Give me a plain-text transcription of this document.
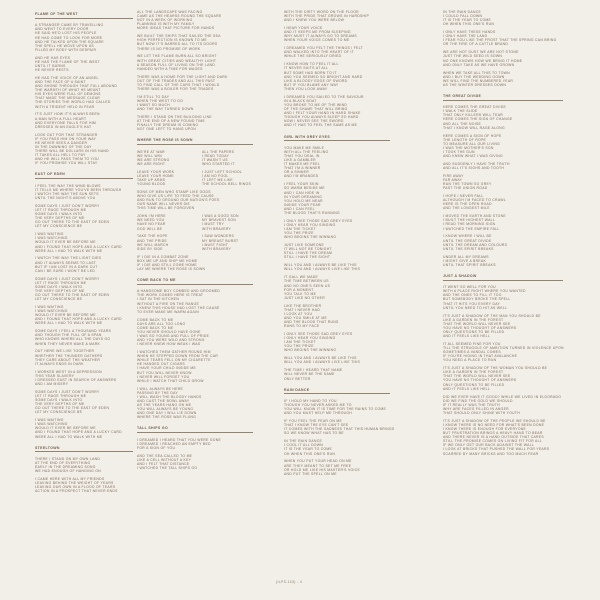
(ILPS.143) - 4
FLAME OF THE WEST
A STRANGER CAME BY TRAVELLING
AND WENT TO EVERY DOOR
HE SAID HE'D LOST HIS PEOPLE
HE HAD COME TO LOOK FOR MORE
AND HE TALKED UPON THE SQUARE
THE SPELL HE WOVE UPON US
FILLED MY BODY WITH DESPAIR
AND HE HAS EYES
HE HAS THE FLAME OF THE WEST
UNTIL IT BURNS
HE NEVER RESTS
HE HAD THE VOICE OF AN ANGEL
AND THE FACE OF A SAINT
AND SHONE THROUGH THAT FULL ABOUND
THE WARMTH OF WHAT HE MEANT
HIS EYES WERE FULL OF DEMONS
THAT MADE THE MESSAGE CLEAR
THE STORIES THE WORLD HAD CALLED
WITH A TRIDENT HELD IN FEAR
IT'S JUST HOW IT'S ALWAYS BEEN
A MAN WITH A FULL HEART
AND EVERYONE FALLS FOR HIM
DRESSED IN AN EAGLE'S HAT
LOOK OUT FOR THAT STRANGER
IF YOU PASS HIM ON YOUR WAY
HE NEVER SEES A DANGER
IN THE DAWNING OF THE DAY
THERE WILL BE DOLLARS IN HIS HAND
IT TAKES ALL HELL TO PAY
AND HE WILL PASS THEM TO YOU
IF YOU PROMISE YOU WILL STAY
EAST OF EDEN
I FEEL THE WAY THE WIND BLOWS
IT TELLS ME WHERE YOU'VE BEEN THROUGH
I WATCH THE WAY THE SUN SETS
UNTIL THE NIGHT'S ABOVE YOU
SOME DAYS I JUST DON'T WORRY
LET IT RAGE THROUGH ME
SOME DAYS I WALK INTO
THE VERY DEPTHS OF ME
GO OUT THERE TO THE EAST OF EDEN
LET MY CONSCIENCE BE
I WAS WAITING
I WAS WATCHING
WOULD IT EVER BE BEFORE ME
AND I FOUND THAT HOPE AND A LUCKY CARD
WERE ALL I HAD TO WALK WITH ME
I WATCH THE WAY THE LIGHT DIES
AND IT ALWAYS SEEMS TO LAST
BUT IF I AM LOST IN A DARK CUT
CAN I BE SURE I WON'T BE LED
SOME DAYS I JUST DON'T WORRY
LET IT RAGE THROUGH ME
SOME DAYS I WALK INTO
THE VERY DEPTHS OF ME
GO OUT THERE TO THE EAST OF EDEN
LET MY CONSCIENCE BE
I WAS WAITING
I WAS WATCHING
WOULD IT EVER BE BEFORE ME
AND I FOUND THAT HOPE AND A LUCKY CARD
WERE ALL I HAD TO WALK WITH ME
SOME DAYS I FEEL A THOUSAND YEARS
AND THOUGH THE FULL OF A SPAN
WHO KNOWS WHERE ALL THE DAYS GO
WHEN THEY NEVER MAKE A MARK
OUT HERE WE LIVE TOGETHER
WHETHER THE THUNDER GATHERS
THEY CARE ABOUT THE WEATHER
IT ALWAYS ENDS IN DARK
I WORKED WEST IN A DEPRESSION
THIS YEAR SLAVERY
I DRESSED EAST IN SEARCH OF ANSWERS
AND I AM MISERY
SOME DAYS I JUST DON'T WORRY
LET IT RAGE THROUGH ME
SOME DAYS I WALK INTO
THE VERY DEPTHS OF ME
GO OUT THERE TO THE EAST OF EDEN
LET MY CONSCIENCE BE
I WAS WAITING
I WAS WATCHING
WOULD IT EVER BE BEFORE ME
AND I FOUND THAT HOPE AND A LUCKY CARD
WERE ALL I HAD TO WALK WITH ME
STEELTOWN
THERE I STAND ON MY OWN LAND
AT THE END OF EVERYTHING
EARLY IN THE DREAMING SONG
WE HAD ENOUGH OF HANGING ON
I CAME HERE WITH ALL MY FRIENDS
LEAVING BEHIND THE WEIGHT OF YEARS
LEAVING OUR OWN IN A FLOOD OF TEARS
ACTION IN A PROSPECT THAT NEVER ENDS
ALL THE LANDSCAPE WAS FACING
CAME AS THE HEARSE ROUND THE SQUARE
NOT IN A WEEK OF WORKING
PLANNING IS WITH MY FAMILY
MORE IDEAS THAT PICTURE FOR HANDS
WE BUILT THE SHIPS THAT SAILED THE SEA
HIGH PERFECTION IS KNOWN TO ME
BUT NOW IT'S BARRED ALL TO ITS DOORS
THERE IS NO PROMISE OF WORK
WE LET THE FLAME BURN ALL SO BRIGHT
WITH GREAT CITIES AND WEALTHY LIGHT
A SEASON FULL OF LIVING ON THE LAND
HANDED WITH A TIME FOR WAGES
THERE WAS A HOME FOR THE LIGHT AND DARK
OUT OF THE TRADES AND ALL THIS PAST
TO FIND CALL OF THE CARS THAT I WOULD
THERE WAS A BOILER FOR THE TRADES
I'M STILL TO DAY
WHEN THE WEST TO GO
I WANT SO MUCH
AND THE WAY TURNED DOWN
THERE I STAND ON THE BUILDING LINE
AT THE END OF A NEW FOUND TIME
FINALLY THE DREAM IS COMING
NOT ONE LEFT TO HANG UPON
WHERE THE ROSE IS SOWN
WE'RE AT WAR
WE WILL WIN
WE ARE STRONG
WE ARE RIGHT
ALL THE PAPERS
I READ TODAY
IT WASN'T US
WHO STARTED IT
LEAVE YOUR WORK
LEAVE YOUR HOME
TAKE UP ARMS
YOUNG BLOOD
I JUST LEFT SCHOOL
I AM NO FOOL
IT LEFT ME LIKE
THE SCHOOL BELL RINGS
SONS OF MEN WHO STAMP LIKE GODS
WHO GIVE US LIFE TO FEED THE CAUSE
AND RUN TO GROUND OUR NATION'S FOES
OUR NAME WILL NEVER DIE
THIS TIME WILL BE FORGIVEN
JOHN I'M HERE
WE NEED YOU
HAVE NO FEAR
GOD WILL BE
I WAS A GOOD SON
MY BRAVEST SON
I MUST TRY
WITH BRAVERY
TAKE THE HOPE
AND THE PRIDE
WE WILL MARCH
SIDE BY SIDE
I SAW WONDERS
MY BREAST BURST
I MUST FIGHT
WITH BRAVERY
IF I DIE IN A COMBAT ZONE
BOX ME UP AND SHIP ME HOME
IF I DIE AND STILL COME HOME
LAY ME WHERE THE ROSE IS SOWN
COME BACK TO ME
A HANDSOME BOY COMBED AND GROOMED
THE WORK COMES HERE IS TREAT
I SAT IN THE KITCHEN
WITHOUT A FIRE ON THE RANGE
I KNEW THIS HOUSE HAD LOST THE CAUSE
TO EVER MAKE ME WARM AGAIN
COME BACK TO ME
DAYS ARE ALL TOO LONG
COME BACK TO ME
YOU NEVER SHOULD HAVE GONE
I WAS SO YOUNG AND FULL OF PRIDE
AND YOU WERE WILD AND STRONG
I NEVER KNEW HOW WEAK I WAS
I WATCHED THEM GATHER ROUND HIM
WHEN HE STEPPED DOWN FROM THE CAR
WHILE TEARS FELL ON MY CIGARETTE
HE HANDED OUT CIGARS
I HAVE YOUR CHILD INSIDE ME
BUT YOU WILL NEVER KNOW
I NEVER WILL FORGET YOU
WHILE I WATCH THAT CHILD GROW
I WILL ALWAYS BE HERE
PASSING BY THE DAY
I WILL WASH THE BLOODY HANDS
AND CAST THE BOWL AWAY
AS THE YEARS HANG ON ME
YOU WILL ALWAYS BE YOUNG
AND ONE DAY I WILL LIE DOWN
WHERE THE ROSE WAS FLUNG
TALL SHIPS GO
I DREAMED I HEARD THAT YOU WERE GONE
I DREAMED I REACHED AN EMPTY BED
FOR A SIGN OF YOU
AND THE SEA CALLED TO ME
LIKE A CELL WITHOUT A KEY
AND I FELT THAT DISTANCE
I WATCHED THE TALL SHIPS GO
WITH THE DIRTY WORD ON THE FLOOR
WITH THE PRIDE THAT GROWS IN HARDSHIP
AND I KNEW YOU WERE BELOW
I HEAR YOUR VOICE
AND IT KEEPS ME FROM SLEEPING
WHY MUST IT ALWAYS GO TO DREAMS
WHEN YOUR VOICE COMES TO ME
I DREAMED YOU FELT THE THINGS I FELT
AND WALKED INTO THE HEART OF IT
WHILE THE SERIOUSLY DRIED
I KNOW HOW TO FEEL IT ALL
IT NEVER SUITS AT ALL
BUT SOME HAD BORN TO IT
AND YOU SEEMED SO BRIGHT AND HARD
LIKE A BLOODY EDGE OF SWORD
BUT IF YOU BLAME ANY WAY
THEN YOU LOOK AWAY
I DREAMED YOU SAILED TO THE SAVIOUR
IN A BLACK BOAT
YOU BROKE TO ME OF THE WIND
OF THE SHAME THAT WILL BRING
AND I FELT YOUR HAND IN HARD SHAKE
THOUGH YOU ALWAYS SLEEP SO HARD
NOW I NEVER SEE THE SWORD
AND IT HAS TO FEEL THE SAME AS ME
GIRL WITH GREY EYES
YOU MAKE ME SMILE
WITH ALL THE FEELING
THAT YOU DEAL IN
LIKE A GAMBLER
IT MAKES ME FEEL
THAT I'M A WINNER
OR A SINNER
AND I'M BRANDED
I FEEL YOUR SKIN
SO WARM BESIDE ME
AND I CAN HIDE IN
IN YOUR DREAMING
YOU HOLD ME NEAR
INSIDE YOUR FEAR
AND I CAN FEEL
THE BLOOD THAT'S RUNNING
I ONLY SEE THOSE SAD GREY EYES
I ONLY HEAR YOU SINGING
I AM THE TICKET
YOU THE PRIZE
WHO BEGINS THE WINNING
JUST LIKE SOMEONE
IT WILL NOT BE TONIGHT
STILL I HAVE THE DREAM
STILL I HAVE THE SIGHT
WILL YOU AND I ALWAYS BE LIKE THIS
WILL YOU AND I ALWAYS LIVE LIKE THIS
IT GALL WE MADE
THE TIME BETWEEN US
AND NO ONE'S SEEN US
FOR A MOMENT
YOU TALK TO ME
JUST LIKE NO OTHER
LIKE THE BROTHER
THAT I NEVER HAD
I LOOK AT YOU
AND YOU SMILE AT ME
AND THE BLOOD THAT RUNS
RUNS TO MY FACE
I ONLY SEE THOSE SAD GREY EYES
I ONLY HEAR YOU SINGING
I AM THE TICKET
YOU THE PRIZE
WHO BEGINS THE WINNING
WILL YOU AND I ALWAYS BE LIKE THIS
WILL YOU AND I ALWAYS LIVE LIKE THIS
THE TIME I HEARD THAT NAME
WILL NEVER BE THE SAME
ONLY BETTER
RAIN DANCE
IF I HOLD MY HAND TO YOU
THOUGH YOU NEVER ASKED ME TO
YOU WILL KNOW IT IS TIME FOR THE RAINS TO COME
AND YOU MUST HELP ME THROUGH
IF YOU FEEL THE FEAR ON ME
THAT I KNOW THE EYE CAN'T SEE
IT COMES WITH THE SADNESS THAT THIS HUMAN BRINGS
SO WE KNOW WHAT HAS TO BE
IN THE RAIN DANCE
I COOL IT ALL DOWN
IT IS THE YEAR TO COME
OH WHEN THIS ONE'S RUN
WHEN YOU PUT YOUR HEAD ON ME
ARE THEY MEANT TO SET ME FREE
OR HOLD ME LIKE HIS MASTER'S VOICE
AND PUT THE SPELL ON ME
IN THE RAIN DANCE
I COULD FALL DOWN
IT IS THE YEAR TO COME
OH WHEN THIS ONE'S RUN
I ONLY HAVE THESE HANDS
I ONLY HAVE THE LAND
I FEAR YOU LIKE THE FROST THAT THE SPRING CAN BRING
OR THE FIRE OF A CATTLE BRAND
WE ARE NOT DUST WE ARE NOT STONE
JUST THE WILD SEED IS SOWN
NO ONE KNOWS HOW WE BRING IT HOME
AND ONLY TAKE AS WE HAVE GROWN
WHEN WE TAKE ALL THIS TO TOWN
AND I BUY THE WEDDING GOWN
WE WILL FIND THE NUMBERED YEAR
AS THE WINTER DRESSES DOWN
THE GREAT DIVIDE
HERE COMES THE GREAT DIVIDE
I WALK THE SLIDE
THAT ONLY KILLERS WILL TEAR
HERE COMES THE SIGN OF CHANGE
AND ALL THE NOISE
THAT I KNOW WILL RAGE ALONG
HERE COMES A SIGN OF HOPE
THE LENGTH OF ROPE
TO MEASURE ALL OUR LIVING
I WAS THE MOTHER'S SON
I TOOK THE GUN
AND KNEW WHAT I WAS GIVING
AND SUDDENLY I HAVE THE TRUTH
AND ALL IT'S SIGHS AND TOOTH
FIRE AWAY
FAR AWAY
RUN THE TOWN SO GREY
PAST THE UNION ROAD
I HOPE I NEVER FALL
ALTHOUGH I'M FACED TO CRAWL
HERE IS THE OPEN ROAD
AND THE LONGEST MILE
I MOVED THE EARTH AND STONE
I BUILT THE HIGHEST WALL
I READ THE MORNING SIGN
I WATCHED THE EMPIRE FALL
I KNOW WHERE I WILL BE
UNTIL THE GREAT DIVIDE
UNTIL THE DREAM AND COLOURS
UNTIL THE SPIRIT BREAKS
UNDER ALL MY DREAMS
I MIGHT GIVE A BREAK
UNTIL THAT SPIRIT BREAKS
JUST A SHADOW
IT WENT SO WELL FOR YOU
WITH A PLACE RIGHT WHERE YOU WANTED
AND THE ONES TO FILL IT TOO
BUT SOMEBODY BROKE THE SPELL
THAT IT HITS YOU EVERY DAY
UNTIL YOU NEED TO HIT AS WELL
IT'S JUST A SHADOW OF THE MAN YOU SHOULD BE
LIKE A GARDEN IN THE FOREST
THAT THE WORLD WILL NEVER SEE
YOU HAVE NO THOUGHT OF ANSWERS
ONLY QUESTIONS TO BE FILLED
AND IT FEELS LIKE HELL
IT ALL SEEMED FINE FOR YOU
TILL THE STRUGGLE OF AMBITION TURNED IN VIOLENCE UPON
SOMETIMES A VANDAL COMES
IF YOU'RE HIDING IN THAT AVALANCHE
YOU NEED A PLACE TO RUN
IT'S JUST A SHADOW OF THE WOMAN YOU SHOULD BE
LIKE A GARDEN IN THE FOREST
THAT THE WORLD WILL NEVER SEE
YOU HAVE NO THOUGHT OF ANSWERS
ONLY QUESTIONS TO BE FILLED
AND IT FEELS LIKE HELL
DID WE EVER HAVE IT GOOD? WHILE WE LIVED IN ELDORADO
DID WE FIND THE GOLD WE SHOULD
IF IT REALLY WAS THE TRUTH
WHY ARE FACES FILLED IN ANGER
THAT SHOULD ONLY SHINE WITH YOUTH
IT'S JUST A SHADOW OF THE PEOPLE WE SHOULD BE
I KNOW THERE IS NO NEED FOR WHAT'S BEEN DONE
I KNOW THERE IS ENOUGH FOR EVERYONE
BUT FRUSTRATION BRINGS A HEAVY HAND TO BEAR
AND THERE NEVER IS A HAND OUTSIDE THAT CARES
STILL THE PROMISE COMES ON LIVING FIT FOR ALL
IF WE ONLY GET OUR BACK AGAINST THE WALL
I LOOK AT BRICKS THAT PUSHED THE WALL FOR YEARS
SCARRED BY MANY BRICKS AND TOO MUCH FEAR
